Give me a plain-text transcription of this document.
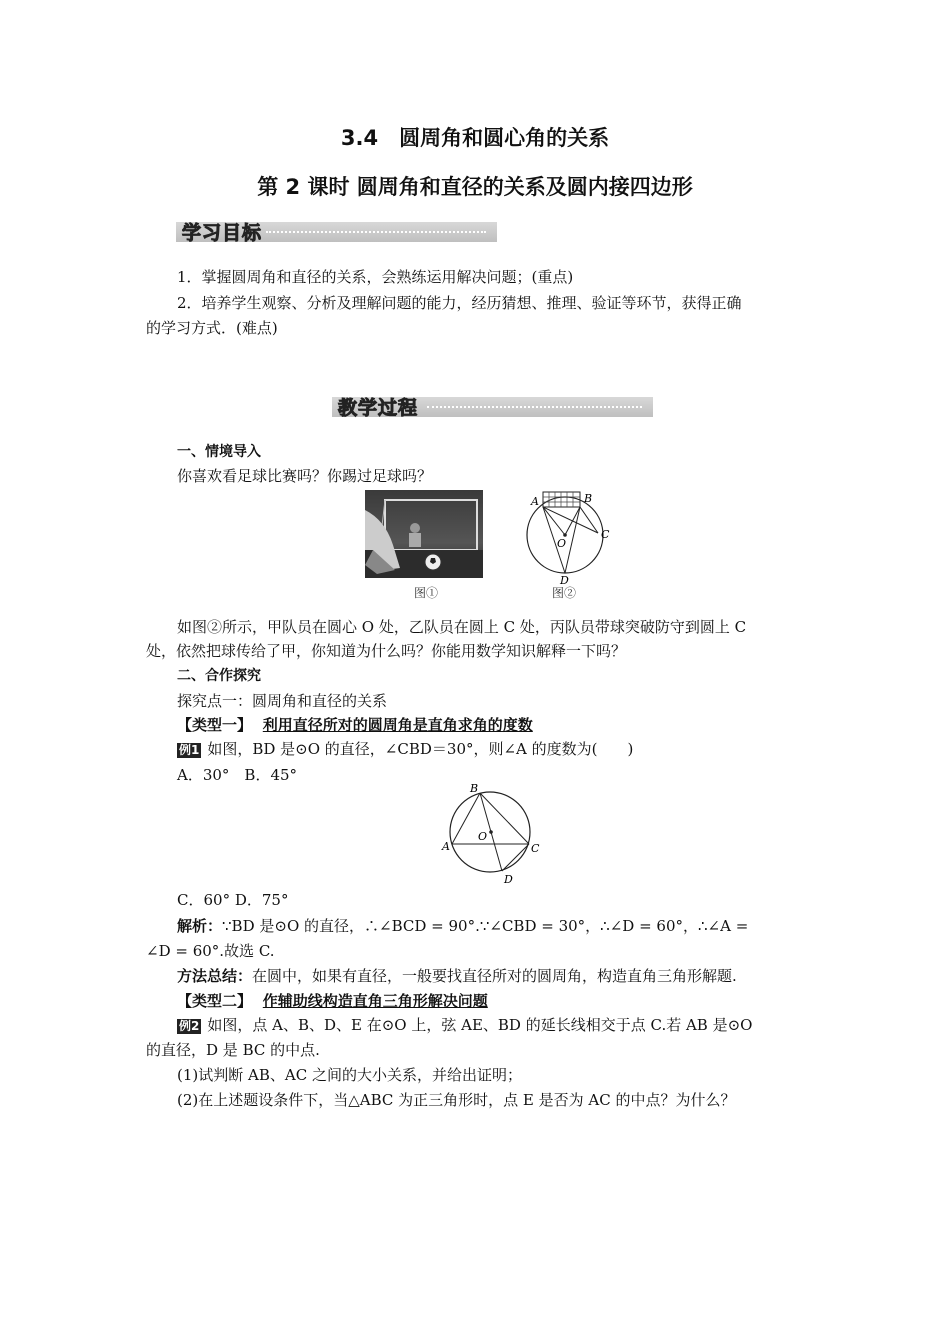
3.4　圆周角和圆心角的关系
第 2 课时 圆周角和直径的关系及圆内接四边形
学习目标
1．掌握圆周角和直径的关系，会熟练运用解决问题；(重点)
2．培养学生观察、分析及理解问题的能力，经历猜想、推理、验证等环节，获得正确
的学习方式．(难点)
教学过程
一、情境导入
你喜欢看足球比赛吗？你踢过足球吗？
图①
A	B
C
O
D
图②
如图②所示，甲队员在圆心 O 处，乙队员在圆上 C 处，丙队员带球突破防守到圆上 C
处，依然把球传给了甲，你知道为什么吗？你能用数学知识解释一下吗？
二、合作探究
探究点一：圆周角和直径的关系
【类型一】 利用直径所对的圆周角是直角求角的度数
例1 如图，BD 是⊙O 的直径，∠CBD＝30°，则∠A 的度数为(　　)
A．30°　B．45°
B
O
A	C
D
C．60° D．75°
解析：∵BD 是⊙O 的直径，∴∠BCD = 90°.∵∠CBD = 30°，∴∠D = 60°，∴∠A =
∠D = 60°.故选 C.
方法总结：在圆中，如果有直径，一般要找直径所对的圆周角，构造直角三角形解题.
【类型二】 作辅助线构造直角三角形解决问题
例2 如图，点 A、B、D、E 在⊙O 上，弦 AE、BD 的延长线相交于点 C.若 AB 是⊙O
的直径，D 是 BC 的中点.
(1)试判断 AB、AC 之间的大小关系，并给出证明；
(2)在上述题设条件下，当△ABC 为正三角形时，点 E 是否为 AC 的中点？为什么？
